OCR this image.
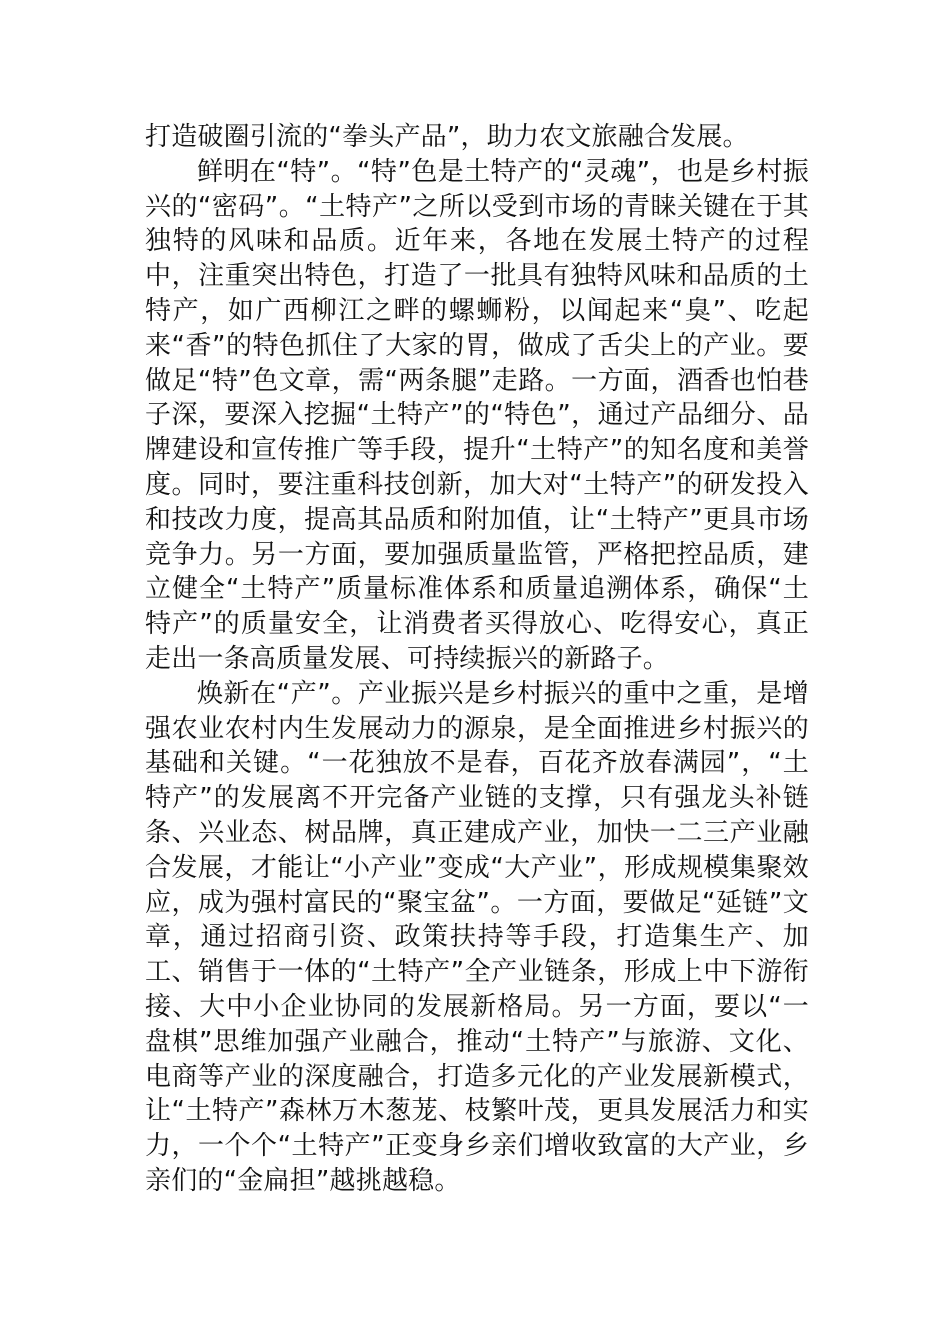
打造破圈引流的“拳头产品”，助力农文旅融合发展。

鲜明在“特”。“特”色是土特产的“灵魂”，也是乡村振兴的“密码”。“土特产”之所以受到市场的青睐关键在于其独特的风味和品质。近年来，各地在发展土特产的过程中，注重突出特色，打造了一批具有独特风味和品质的土特产，如广西柳江之畔的螺蛳粉，以闻起来“臭”、吃起来“香”的特色抓住了大家的胃，做成了舌尖上的产业。要做足“特”色文章，需“两条腿”走路。一方面，酒香也怕巷子深，要深入挖掘“土特产”的“特色”，通过产品细分、品牌建设和宣传推广等手段，提升“土特产”的知名度和美誉度。同时，要注重科技创新，加大对“土特产”的研发投入和技改力度，提高其品质和附加值，让“土特产”更具市场竞争力。另一方面，要加强质量监管，严格把控品质，建立健全“土特产”质量标准体系和质量追溯体系，确保“土特产”的质量安全，让消费者买得放心、吃得安心，真正走出一条高质量发展、可持续振兴的新路子。

焕新在“产”。产业振兴是乡村振兴的重中之重，是增强农业农村内生发展动力的源泉，是全面推进乡村振兴的基础和关键。“一花独放不是春，百花齐放春满园”，“土特产”的发展离不开完备产业链的支撑，只有强龙头补链条、兴业态、树品牌，真正建成产业，加快一二三产业融合发展，才能让“小产业”变成“大产业”，形成规模集聚效应，成为强村富民的“聚宝盆”。一方面，要做足“延链”文章，通过招商引资、政策扶持等手段，打造集生产、加工、销售于一体的“土特产”全产业链条，形成上中下游衔接、大中小企业协同的发展新格局。另一方面，要以“一盘棋”思维加强产业融合，推动“土特产”与旅游、文化、电商等产业的深度融合，打造多元化的产业发展新模式，让“土特产”森林万木葱茏、枝繁叶茂，更具发展活力和实力，一个个“土特产”正变身乡亲们增收致富的大产业，乡亲们的“金扁担”越挑越稳。
